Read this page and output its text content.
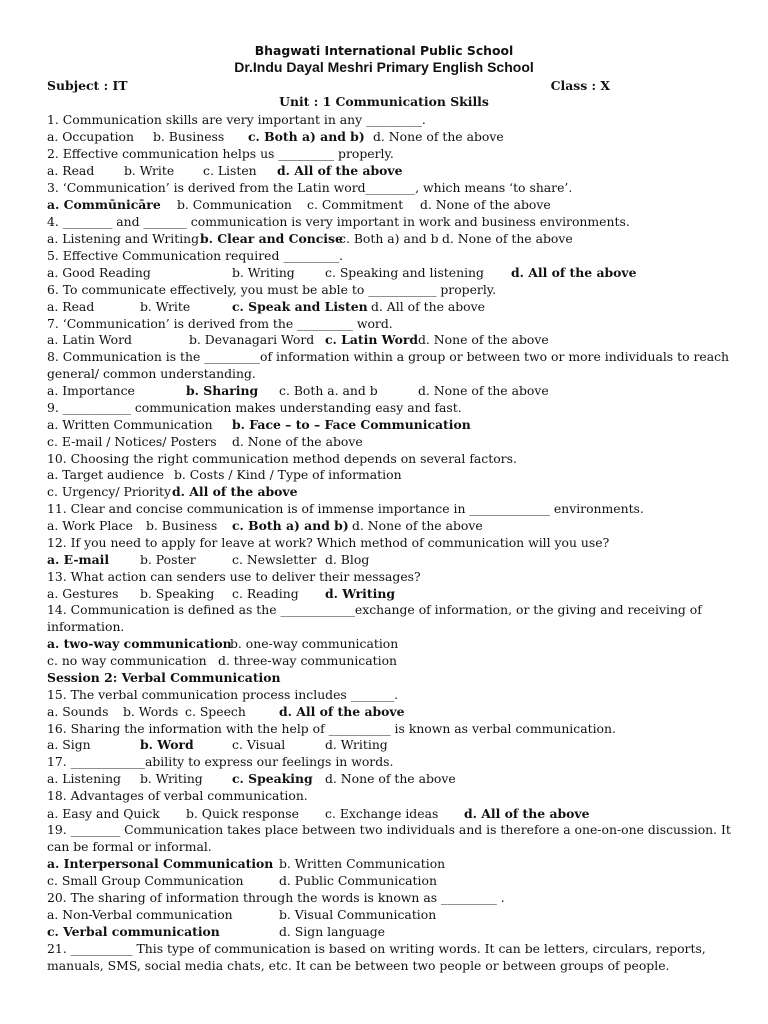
Bhagwati International Public School
Dr.Indu Dayal Meshri Primary English School
Subject : IT	Class : X
Unit : 1 Communication Skills
1. Communication skills are very important in any _________.
a. Occupation b. Business c. Both a) and b) d. None of the above
2. Effective communication helps us _________ properly.
a. Read b. Write c. Listen d. All of the above
3. ‘Communication’ is derived from the Latin word________, which means ‘to share’.
a. Commūnicāre b. Communication c. Commitment d. None of the above
4. ________ and _______ communication is very important in work and business environments.
a. Listening and Writing b. Clear and Concise
c. Both a) and b d. None of the above
5. Effective Communication required _________.
a. Good Reading	b. Writing c. Speaking and listening d. All of the above
6. To communicate effectively, you must be able to ___________ properly.
a. Read	b. Write	c. Speak and Listen d. All of the above
7. ‘Communication’ is derived from the _________ word.
a. Latin Word	b. Devanagari Word c. Latin Word d. None of the above
8. Communication is the _________of information within a group or between two or more individuals to reach
general/ common understanding.
a. Importance	b. Sharing c. Both a. and b	d. None of the above
9. ___________ communication makes understanding easy and fast.
a. Written Communication b. Face – to – Face Communication
c. E-mail / Notices/ Posters d. None of the above
10. Choosing the right communication method depends on several factors.
a. Target audience b. Costs / Kind / Type of information
c. Urgency/ Priority d. All of the above
11. Clear and concise communication is of immense importance in _____________ environments.
a. Work Place b. Business c. Both a) and b) d. None of the above
12. If you need to apply for leave at work? Which method of communication will you use?
a. E-mail b. Poster	c. Newsletter d. Blog
13. What action can senders use to deliver their messages?
a. Gestures b. Speaking c. Reading d. Writing
14. Communication is defined as the ____________exchange of information, or the giving and receiving of
information.
a. two-way communication
b. one-way communication
c. no way communication d. three-way communication
Session 2: Verbal Communication
15. The verbal communication process includes _______.
a. Sounds b. Words c. Speech	d. All of the above
16. Sharing the information with the help of __________ is known as verbal communication.
a. Sign	b. Word	c. Visual	d. Writing
17. ____________ability to express our feelings in words.
a. Listening b. Writing c. Speaking d. None of the above
18. Advantages of verbal communication.
a. Easy and Quick b. Quick response c. Exchange ideas d. All of the above
19. ________ Communication takes place between two individuals and is therefore a one-on-one discussion. It
can be formal or informal.
a. Interpersonal Communication b. Written Communication
c. Small Group Communication	d. Public Communication
20. The sharing of information through the words is known as _________ .
a. Non-Verbal communication	b. Visual Communication
c. Verbal communication	d. Sign language
21. __________ This type of communication is based on writing words. It can be letters, circulars, reports,
manuals, SMS, social media chats, etc. It can be between two people or between groups of people.
